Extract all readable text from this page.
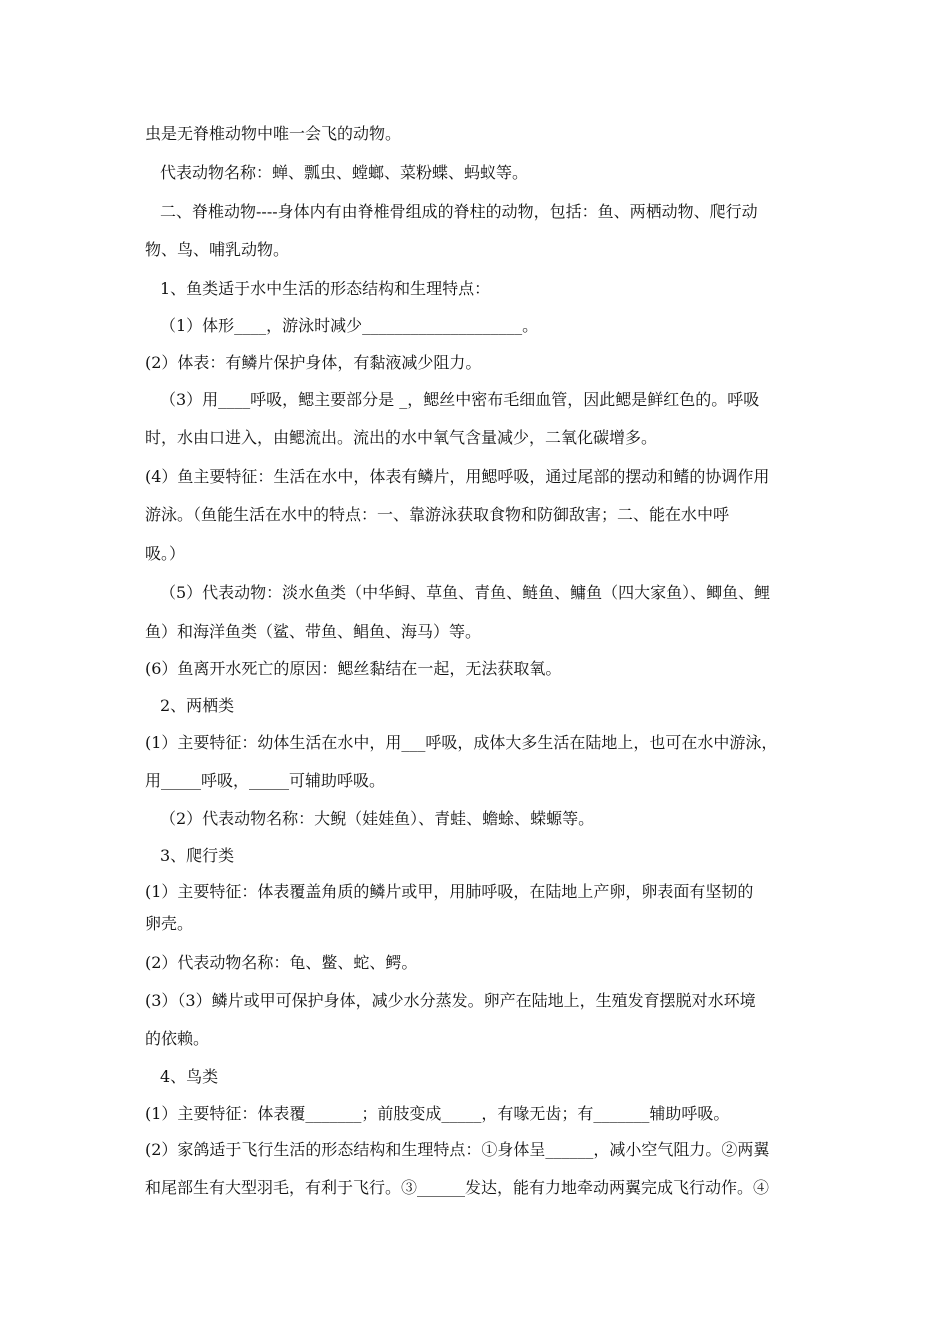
虫是无脊椎动物中唯一会飞的动物。
代表动物名称：蝉、瓢虫、螳螂、菜粉蝶、蚂蚁等。
二、脊椎动物----身体内有由脊椎骨组成的脊柱的动物，包括：鱼、两栖动物、爬行动
物、鸟、哺乳动物。
1、鱼类适于水中生活的形态结构和生理特点：
（1）体形____，游泳时减少____________________。
(2）体表：有鳞片保护身体，有黏液减少阻力。
（3）用____呼吸，鳃主要部分是 _，鳃丝中密布毛细血管，因此鳃是鲜红色的。呼吸
时，水由口进入，由鳃流出。流出的水中氧气含量减少，二氧化碳增多。
(4）鱼主要特征：生活在水中，体表有鳞片，用鳃呼吸，通过尾部的摆动和鳍的协调作用
游泳。（鱼能生活在水中的特点：一、靠游泳获取食物和防御敌害；二、能在水中呼
吸。）
（5）代表动物：淡水鱼类（中华鲟、草鱼、青鱼、鲢鱼、鳙鱼（四大家鱼）、鲫鱼、鲤
鱼）和海洋鱼类（鲨、带鱼、鲳鱼、海马）等。
(6）鱼离开水死亡的原因：鳃丝黏结在一起，无法获取氧。
2、两栖类
(1）主要特征：幼体生活在水中，用___呼吸，成体大多生活在陆地上，也可在水中游泳，
用_____呼吸，_____可辅助呼吸。
（2）代表动物名称：大鲵（娃娃鱼）、青蛙、蟾蜍、蝾螈等。
3、爬行类
(1）主要特征：体表覆盖角质的鳞片或甲，用肺呼吸，在陆地上产卵，卵表面有坚韧的
卵壳。
(2）代表动物名称：龟、鳖、蛇、鳄。
(3）（3）鳞片或甲可保护身体，减少水分蒸发。卵产在陆地上，生殖发育摆脱对水环境
的依赖。
4、鸟类
(1）主要特征：体表覆_______；前肢变成_____，有喙无齿；有_______辅助呼吸。
(2）家鸽适于飞行生活的形态结构和生理特点：①身体呈______，减小空气阻力。②两翼
和尾部生有大型羽毛，有利于飞行。③______发达，能有力地牵动两翼完成飞行动作。④
